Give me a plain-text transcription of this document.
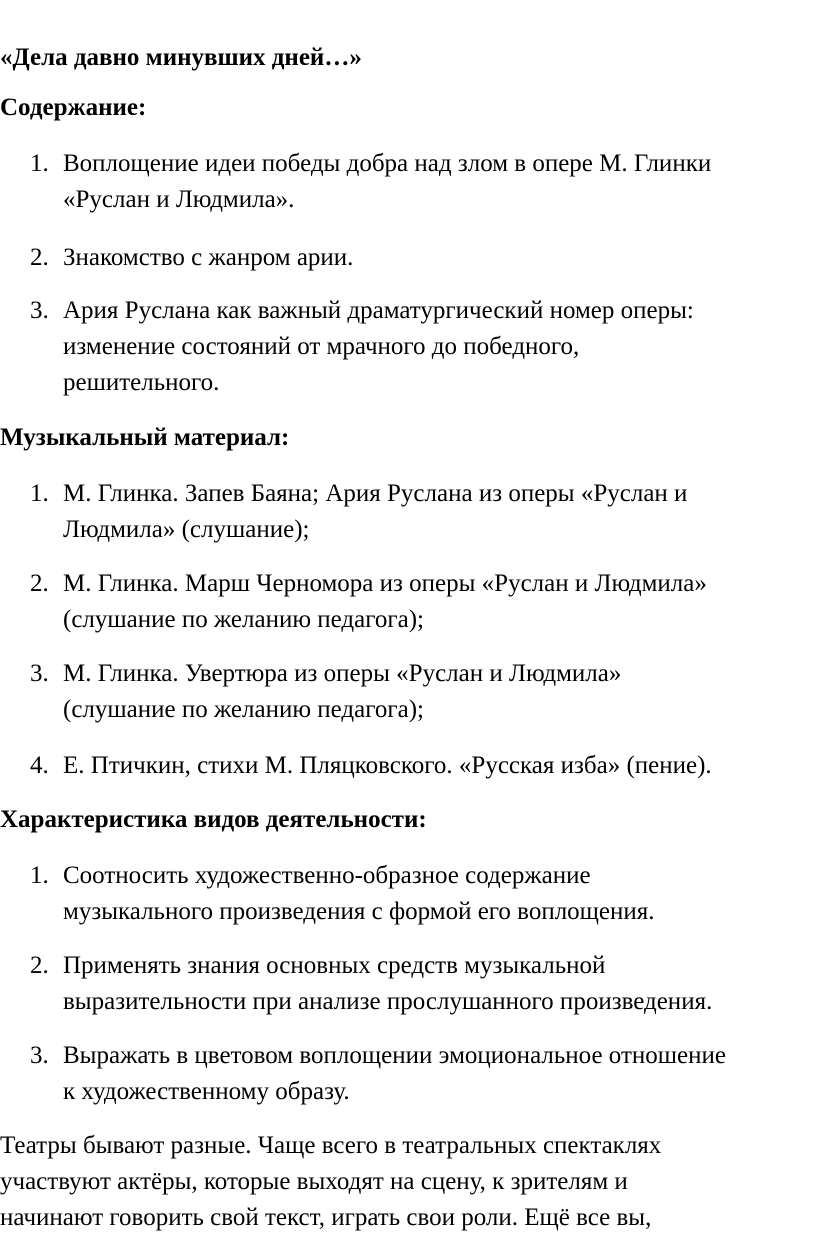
«Дела давно минувших дней…»
Содержание:
1. Воплощение идеи победы добра над злом в опере М. Глинки
«Руслан и Людмила».
2. Знакомство с жанром арии.
3. Ария Руслана как важный драматургический номер оперы:
изменение состояний от мрачного до победного,
решительного.
Музыкальный материал:
1. М. Глинка. Запев Баяна; Ария Руслана из оперы «Руслан и
Людмила» (слушание);
2. М. Глинка. Марш Черномора из оперы «Руслан и Людмила»
(слушание по желанию педагога);
3. М. Глинка. Увертюра из оперы «Руслан и Людмила»
(слушание по желанию педагога);
4. Е. Птичкин, стихи М. Пляцковского. «Русская изба» (пение).
Характеристика видов деятельности:
1. Соотносить художественно-образное содержание
музыкального произведения с формой его воплощения.
2. Применять знания основных средств музыкальной
выразительности при анализе прослушанного произведения.
3. Выражать в цветовом воплощении эмоциональное отношение
к художественному образу.
Театры бывают разные. Чаще всего в театральных спектаклях
участвуют актёры, которые выходят на сцену, к зрителям и
начинают говорить свой текст, играть свои роли. Ещё все вы,
